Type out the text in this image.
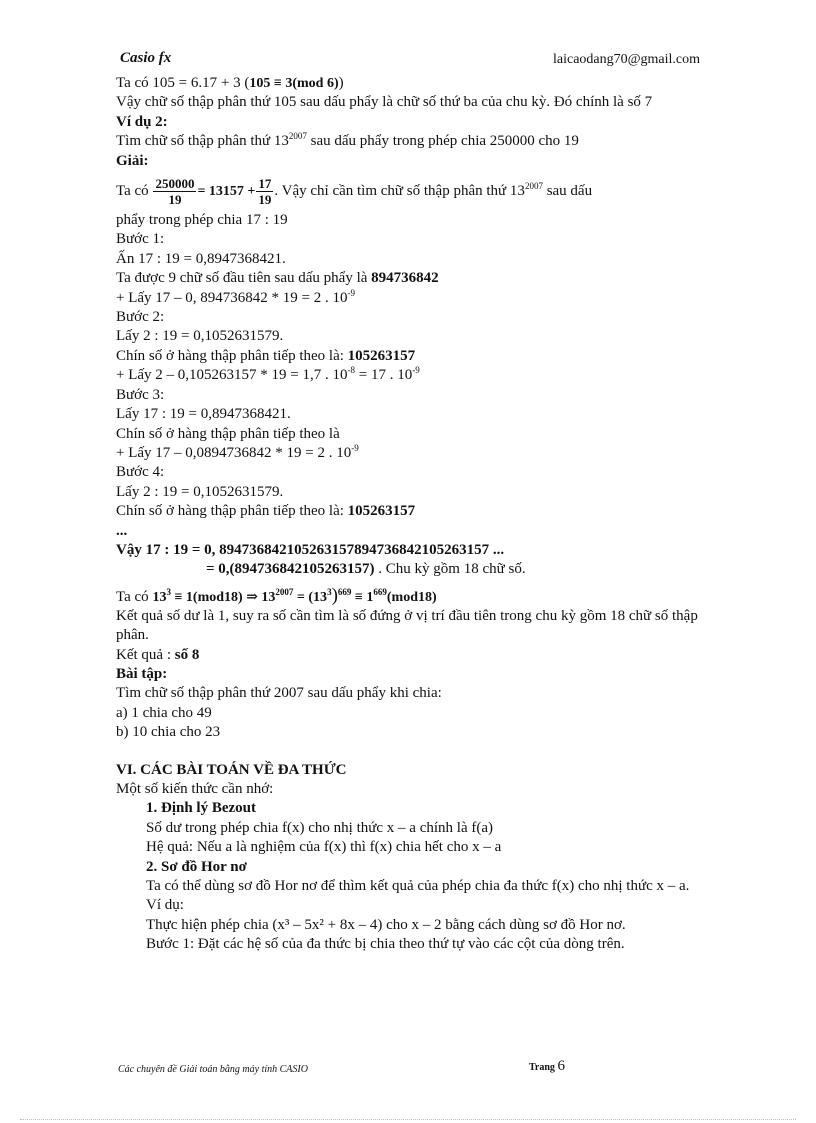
Casio fx	laicaodang70@gmail.com

Ta có 105 = 6.17 + 3 (105 ≡ 3(mod 6))

Vậy chữ số thập phân thứ 105 sau dấu phẩy là chữ số thứ ba của chu kỳ. Đó chính là số 7

Ví dụ 2:

Tìm chữ số thập phân thứ $13^{2007}$ sau dấu phẩy trong phép chia 250000 cho 19

Giải:

Ta có $\frac{250000}{19} = 13157 + \frac{17}{19}$ . Vậy chỉ cần tìm chữ số thập phân thứ $13^{2007}$ sau dấu

phẩy trong phép chia 17 : 19

Bước 1:

Ấn 17 : 19 = 0,8947368421.

Ta được 9 chữ số đầu tiên sau dấu phẩy là 894736842

+ Lấy 17 – 0, 894736842 * 19 = 2 . $10^{-9}$

Bước 2:

Lấy 2 : 19 = 0,1052631579.

Chín số ở hàng thập phân tiếp theo là: 105263157

+ Lấy 2 – 0,105263157 * 19 = 1,7 . $10^{-8} = 17$ . $10^{-9}$

Bước 3:

Lấy 17 : 19 = 0,8947368421.

Chín số ở hàng thập phân tiếp theo là

+ Lấy 17 – 0,0894736842 * 19 = 2 . $10^{-9}$

Bước 4:

Lấy 2 : 19 = 0,1052631579.

Chín số ở hàng thập phân tiếp theo là: 105263157

...

Vậy 17 : 19 = 0, 894736842105263157894736842105263157 ...

= 0,(894736842105263157) . Chu kỳ gồm 18 chữ số.

Ta có $13^3 \equiv 1(mod18)$ ⇒ $13^{2007} = (13^3)^{669} \equiv 1^{669}(mod18)$

Kết quả số dư là 1, suy ra số cần tìm là số đứng ở vị trí đầu tiên trong chu kỳ gồm 18 chữ số thập phân.

Kết quả : số 8

Bài tập:

Tìm chữ số thập phân thứ 2007 sau dấu phẩy khi chia:

a) 1 chia cho 49

b) 10 chia cho 23

VI. CÁC BÀI TOÁN VỀ ĐA THỨC

Một số kiến thức cần nhớ:

1. Định lý Bezout

Số dư trong phép chia f(x) cho nhị thức x – a chính là f(a)

Hệ quả: Nếu a là nghiệm của f(x) thì f(x) chia hết cho x – a

2. Sơ đồ Hor nơ

Ta có thể dùng sơ đồ Hor nơ để thìm kết quả của phép chia đa thức f(x) cho nhị thức x – a.

Ví dụ:

Thực hiện phép chia (x³ – 5x² + 8x – 4) cho x – 2 bằng cách dùng sơ đồ Hor nơ.

Bước 1: Đặt các hệ số của đa thức bị chia theo thứ tự vào các cột của dòng trên.

Các chuyên đề Giải toán bằng máy tính CASIO	Trang 6
